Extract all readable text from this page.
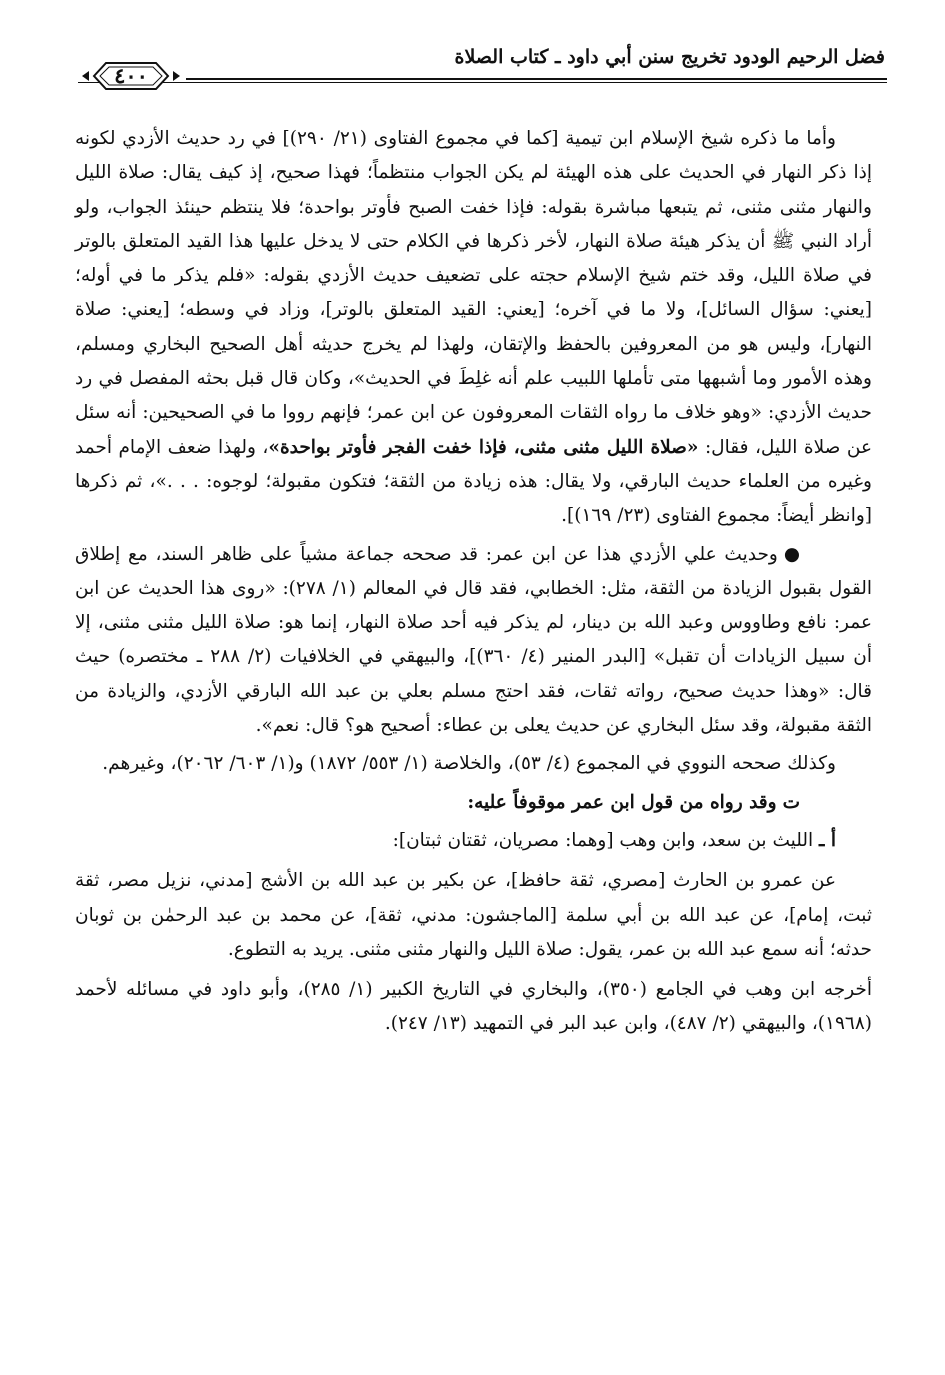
فضل الرحيم الودود تخريج سنن أبي داود ـ كتاب الصلاة
٤٠٠

وأما ما ذكره شيخ الإسلام ابن تيمية [كما في مجموع الفتاوى (٢١/ ٢٩٠)] في رد حديث الأزدي لكونه إذا ذكر النهار في الحديث على هذه الهيئة لم يكن الجواب منتظماً؛ فهذا صحيح، إذ كيف يقال: صلاة الليل والنهار مثنى مثنى، ثم يتبعها مباشرة بقوله: فإذا خفت الصبح فأوتر بواحدة؛ فلا ينتظم حينئذ الجواب، ولو أراد النبي ﷺ أن يذكر هيئة صلاة النهار، لأخر ذكرها في الكلام حتى لا يدخل عليها هذا القيد المتعلق بالوتر في صلاة الليل، وقد ختم شيخ الإسلام حجته على تضعيف حديث الأزدي بقوله: «فلم يذكر ما في أوله؛ [يعني: سؤال السائل]، ولا ما في آخره؛ [يعني: القيد المتعلق بالوتر]، وزاد في وسطه؛ [يعني: صلاة النهار]، وليس هو من المعروفين بالحفظ والإتقان، ولهذا لم يخرج حديثه أهل الصحيح البخاري ومسلم، وهذه الأمور وما أشبهها متى تأملها اللبيب علم أنه غلِطَ في الحديث»، وكان قال قبل بحثه المفصل في رد حديث الأزدي: «وهو خلاف ما رواه الثقات المعروفون عن ابن عمر؛ فإنهم رووا ما في الصحيحين: أنه سئل عن صلاة الليل، فقال: «صلاة الليل مثنى مثنى، فإذا خفت الفجر فأوتر بواحدة»، ولهذا ضعف الإمام أحمد وغيره من العلماء حديث البارقي، ولا يقال: هذه زيادة من الثقة؛ فتكون مقبولة؛ لوجوه: . . .»، ثم ذكرها [وانظر أيضاً: مجموع الفتاوى (٢٣/ ١٦٩)].

●وحديث علي الأزدي هذا عن ابن عمر: قد صححه جماعة مشياً على ظاهر السند، مع إطلاق القول بقبول الزيادة من الثقة، مثل: الخطابي، فقد قال في المعالم (١/ ٢٧٨): «روى هذا الحديث عن ابن عمر: نافع وطاووس وعبد الله بن دينار، لم يذكر فيه أحد صلاة النهار، إنما هو: صلاة الليل مثنى مثنى، إلا أن سبيل الزيادات أن تقبل» [البدر المنير (٤/ ٣٦٠)]، والبيهقي في الخلافيات (٢/ ٢٨٨ ـ مختصره) حيث قال: «وهذا حديث صحيح، رواته ثقات، فقد احتج مسلم بعلي بن عبد الله البارقي الأزدي، والزيادة من الثقة مقبولة، وقد سئل البخاري عن حديث يعلى بن عطاء: أصحيح هو؟ قال: نعم».

وكذلك صححه النووي في المجموع (٤/ ٥٣)، والخلاصة (١/ ٥٥٣/ ١٨٧٢) و(١/ ٦٠٣/ ٢٠٦٢)، وغيرهم.

توقد رواه من قول ابن عمر موقوفاً عليه:

أ ـ الليث بن سعد، وابن وهب [وهما: مصريان، ثقتان ثبتان]:

عن عمرو بن الحارث [مصري، ثقة حافظ]، عن بكير بن عبد الله بن الأشج [مدني، نزيل مصر، ثقة ثبت، إمام]، عن عبد الله بن أبي سلمة [الماجشون: مدني، ثقة]، عن محمد بن عبد الرحمٰن بن ثوبان حدثه؛ أنه سمع عبد الله بن عمر، يقول: صلاة الليل والنهار مثنى مثنى. يريد به التطوع.

أخرجه ابن وهب في الجامع (٣٥٠)، والبخاري في التاريخ الكبير (١/ ٢٨٥)، وأبو داود في مسائله لأحمد (١٩٦٨)، والبيهقي (٢/ ٤٨٧)، وابن عبد البر في التمهيد (١٣/ ٢٤٧).
